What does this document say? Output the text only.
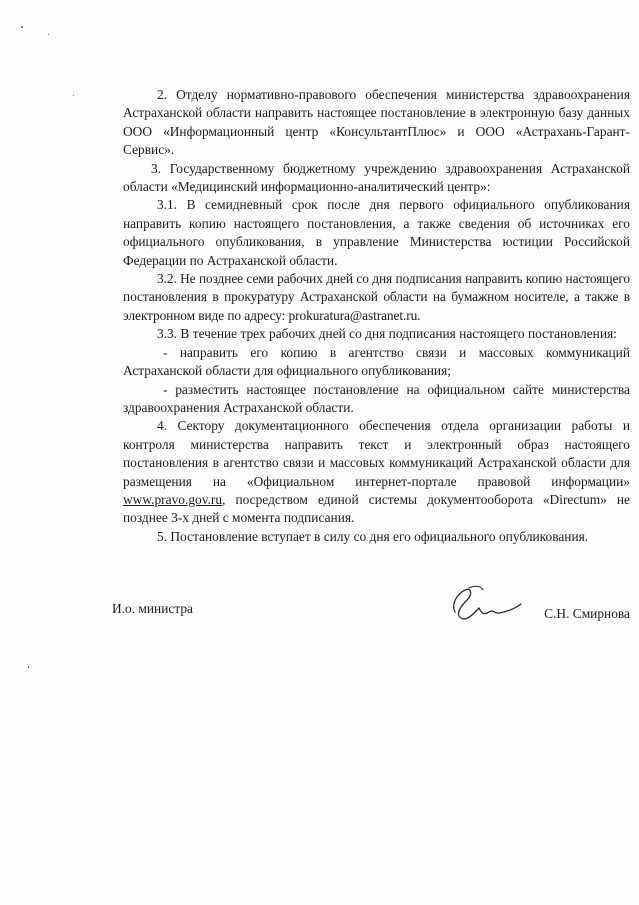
2. Отделу нормативно-правового обеспечения министерства здравоохранения Астраханской области направить настоящее постановление в электронную базу данных ООО «Информационный центр «КонсультантПлюс» и ООО «Астрахань-Гарант-Сервис».

3. Государственному бюджетному учреждению здравоохранения Астраханской области «Медицинский информационно-аналитический центр»:

3.1. В семидневный срок после дня первого официального опубликования направить копию настоящего постановления, а также сведения об источниках его официального опубликования, в управление Министерства юстиции Российской Федерации по Астраханской области.

3.2. Не позднее семи рабочих дней со дня подписания направить копию настоящего постановления в прокуратуру Астраханской области на бумажном носителе, а также в электронном виде по адресу: prokuratura@astranet.ru.

3.3. В течение трех рабочих дней со дня подписания настоящего постановления:

- направить его копию в агентство связи и массовых коммуникаций Астраханской области для официального опубликования;

- разместить настоящее постановление на официальном сайте министерства здравоохранения Астраханской области.

4. Сектору документационного обеспечения отдела организации работы и контроля министерства направить текст и электронный образ настоящего постановления в агентство связи и массовых коммуникаций Астраханской области для размещения на «Официальном интернет-портале правовой информации» www.pravo.gov.ru, посредством единой системы документооборота «Directum» не позднее 3-х дней с момента подписания.

5. Постановление вступает в силу со дня его официального опубликования.

И.о. министра	С.Н. Смирнова
